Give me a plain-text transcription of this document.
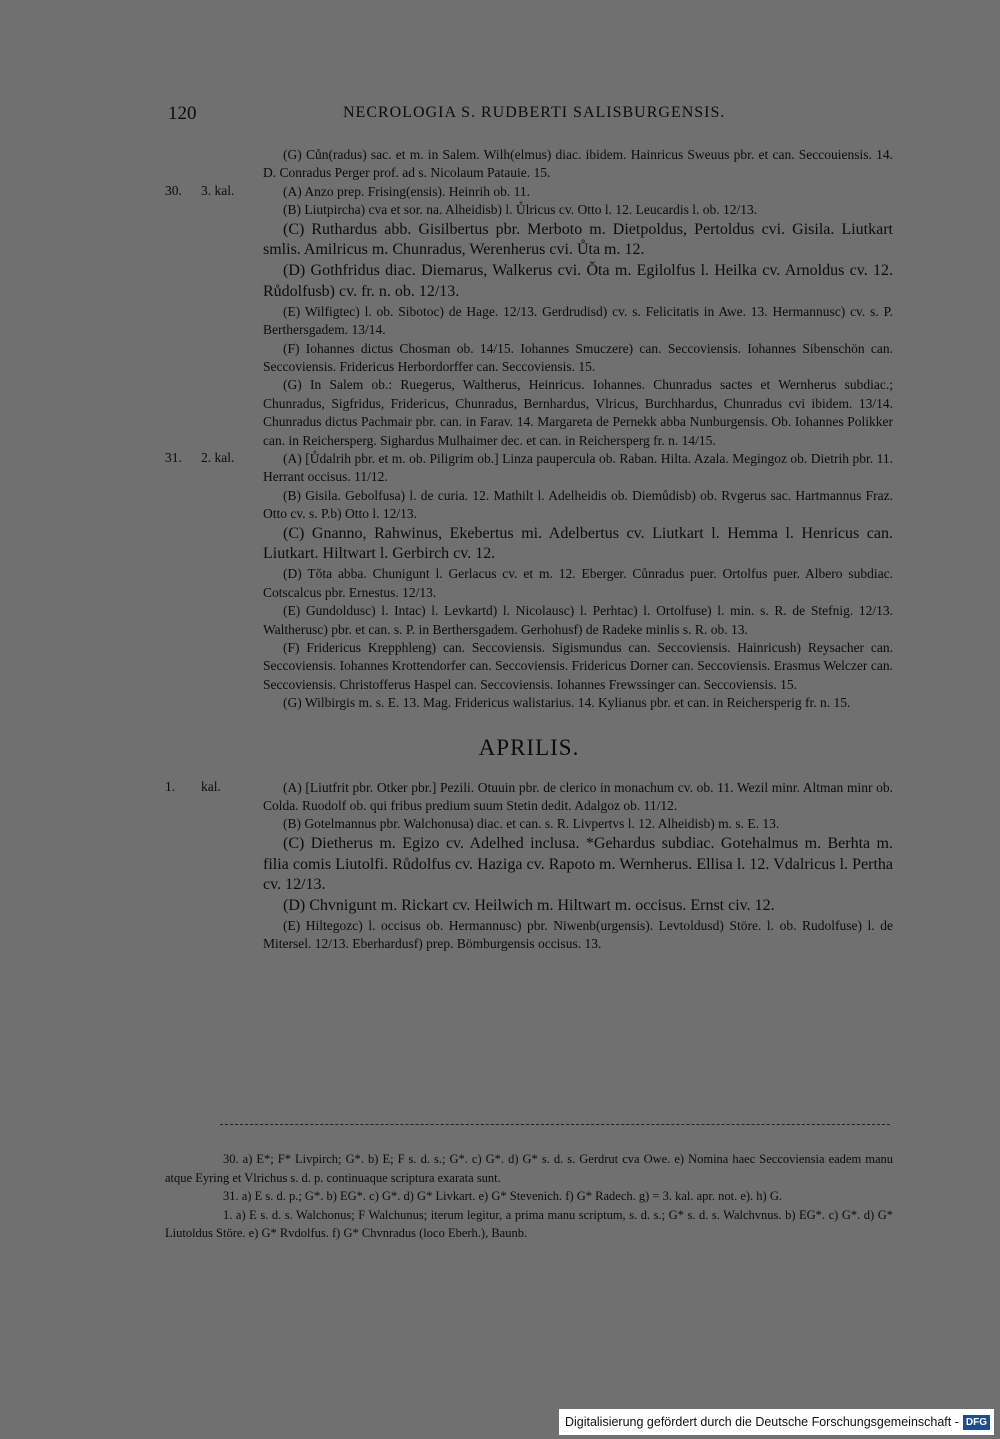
120	NECROLOGIA S. RUDBERTI SALISBURGENSIS.

(G) Cůn(radus) sac. et m. in Salem. Wilh(elmus) diac. ibidem. Hainricus Sweuus pbr. et can. Seccouiensis. 14. D. Conradus Perger prof. ad s. Nicolaum Patauie. 15.

30.	3. kal.	(A) Anzo prep. Frising(ensis). Heinrih ob. 11.

(B) Liutpircha) cva et sor. na. Alheidisb) l. Ůlricus cv. Otto l. 12. Leucardis l. ob. 12/13.

(C) Ruthardus abb. Gisilbertus pbr. Merboto m. Dietpoldus, Pertoldus cvi. Gisila. Liutkart smlis. Amilricus m. Chunradus, Werenherus cvi. Ůta m. 12.

(D) Gothfridus diac. Diemarus, Walkerus cvi. Ŏta m. Egilolfus l. Heilka cv. Arnoldus cv. 12. Růdolfusb) cv. fr. n. ob. 12/13.

(E) Wilfigtec) l. ob. Sibotoc) de Hage. 12/13. Gerdrudisd) cv. s. Felicitatis in Awe. 13. Hermannusc) cv. s. P. Berthersgadem. 13/14.

(F) Iohannes dictus Chosman ob. 14/15. Iohannes Smuczere) can. Seccoviensis. Iohannes Sibenschön can. Seccoviensis. Fridericus Herbordorffer can. Seccoviensis. 15.

(G) In Salem ob.: Ruegerus, Waltherus, Heinricus. Iohannes. Chunradus sactes et Wernherus subdiac.; Chunradus, Sigfridus, Fridericus, Chunradus, Bernhardus, Vlricus, Burchhardus, Chunradus cvi ibidem. 13/14. Chunradus dictus Pachmair pbr. can. in Farav. 14. Margareta de Pernekk abba Nunburgensis. Ob. Iohannes Polikker can. in Reichersperg. Sighardus Mulhaimer dec. et can. in Reichersperg fr. n. 14/15.

31.	2. kal.	(A) [Ůdalrih pbr. et m. ob. Piligrim ob.] Linza paupercula ob. Raban. Hilta. Azala. Megingoz ob. Dietrih pbr. 11. Herrant occisus. 11/12.

(B) Gisila. Gebolfusa) l. de curia. 12. Mathilt l. Adelheidis ob. Diemůdisb) ob. Rvgerus sac. Hartmannus Fraz. Otto cv. s. P.b) Otto l. 12/13.

(C) Gnanno, Rahwinus, Ekebertus mi. Adelbertus cv. Liutkart l. Hemma l. Henricus can. Liutkart. Hiltwart l. Gerbirch cv. 12.

(D) Tŏta abba. Chunigunt l. Gerlacus cv. et m. 12. Eberger. Cůnradus puer. Ortolfus puer. Albero subdiac. Cotscalcus pbr. Ernestus. 12/13.

(E) Gundoldusc) l. Intac) l. Levkartd) l. Nicolausc) l. Perhtac) l. Ortolfuse) l. min. s. R. de Stefnig. 12/13. Waltherusc) pbr. et can. s. P. in Berthersgadem. Gerhohusf) de Radeke minlis s. R. ob. 13.

(F) Fridericus Krepphleng) can. Seccoviensis. Sigismundus can. Seccoviensis. Hainricush) Reysacher can. Seccoviensis. Iohannes Krottendorfer can. Seccoviensis. Fridericus Dorner can. Seccoviensis. Erasmus Welczer can. Seccoviensis. Christofferus Haspel can. Seccoviensis. Iohannes Frewssinger can. Seccoviensis. 15.

(G) Wilbirgis m. s. E. 13. Mag. Fridericus walistarius. 14. Kylianus pbr. et can. in Reichersperig fr. n. 15.

APRILIS.
1.	kal.	(A) [Liutfrit pbr. Otker pbr.] Pezili. Otuuin pbr. de clerico in monachum cv. ob. 11. Wezil minr. Altman minr ob. Colda. Ruodolf ob. qui fribus predium suum Stetin dedit. Adalgoz ob. 11/12.

(B) Gotelmannus pbr. Walchonusa) diac. et can. s. R. Livpertvs l. 12. Alheidisb) m. s. E. 13.

(C) Dietherus m. Egizo cv. Adelhed inclusa. *Gehardus subdiac. Gotehalmus m. Berhta m. filia comis Liutolfi. Růdolfus cv. Haziga cv. Rapoto m. Wernherus. Ellisa l. 12. Vdalricus l. Pertha cv. 12/13.

(D) Chvnigunt m. Rickart cv. Heilwich m. Hiltwart m. occisus. Ernst civ. 12.

(E) Hiltegozc) l. occisus ob. Hermannusc) pbr. Niwenb(urgensis). Levtoldusd) Störe. l. ob. Rudolfuse) l. de Mitersel. 12/13. Eberhardusf) prep. Bömburgensis occisus. 13.

30. a) E*; F* Livpirch; G*. b) E; F s. d. s.; G*. c) G*. d) G* s. d. s. Gerdrut cva Owe. e) Nomina haec Seccoviensia eadem manu atque Eyring et Vlrichus s. d. p. continuaque scriptura exarata sunt.

31. a) E s. d. p.; G*. b) EG*. c) G*. d) G* Livkart. e) G* Stevenich. f) G* Radech. g) = 3. kal. apr. not. e). h) G.

1. a) E s. d. s. Walchonus; F Walchunus; iterum legitur, a prima manu scriptum, s. d. s.; G* s. d. s. Walchvnus. b) EG*. c) G*. d) G* Liutoldus Störe. e) G* Rvdolfus. f) G* Chvnradus (loco Eberh.), Baunb.

Digitalisierung gefördert durch die Deutsche Forschungsgemeinschaft - DFG
